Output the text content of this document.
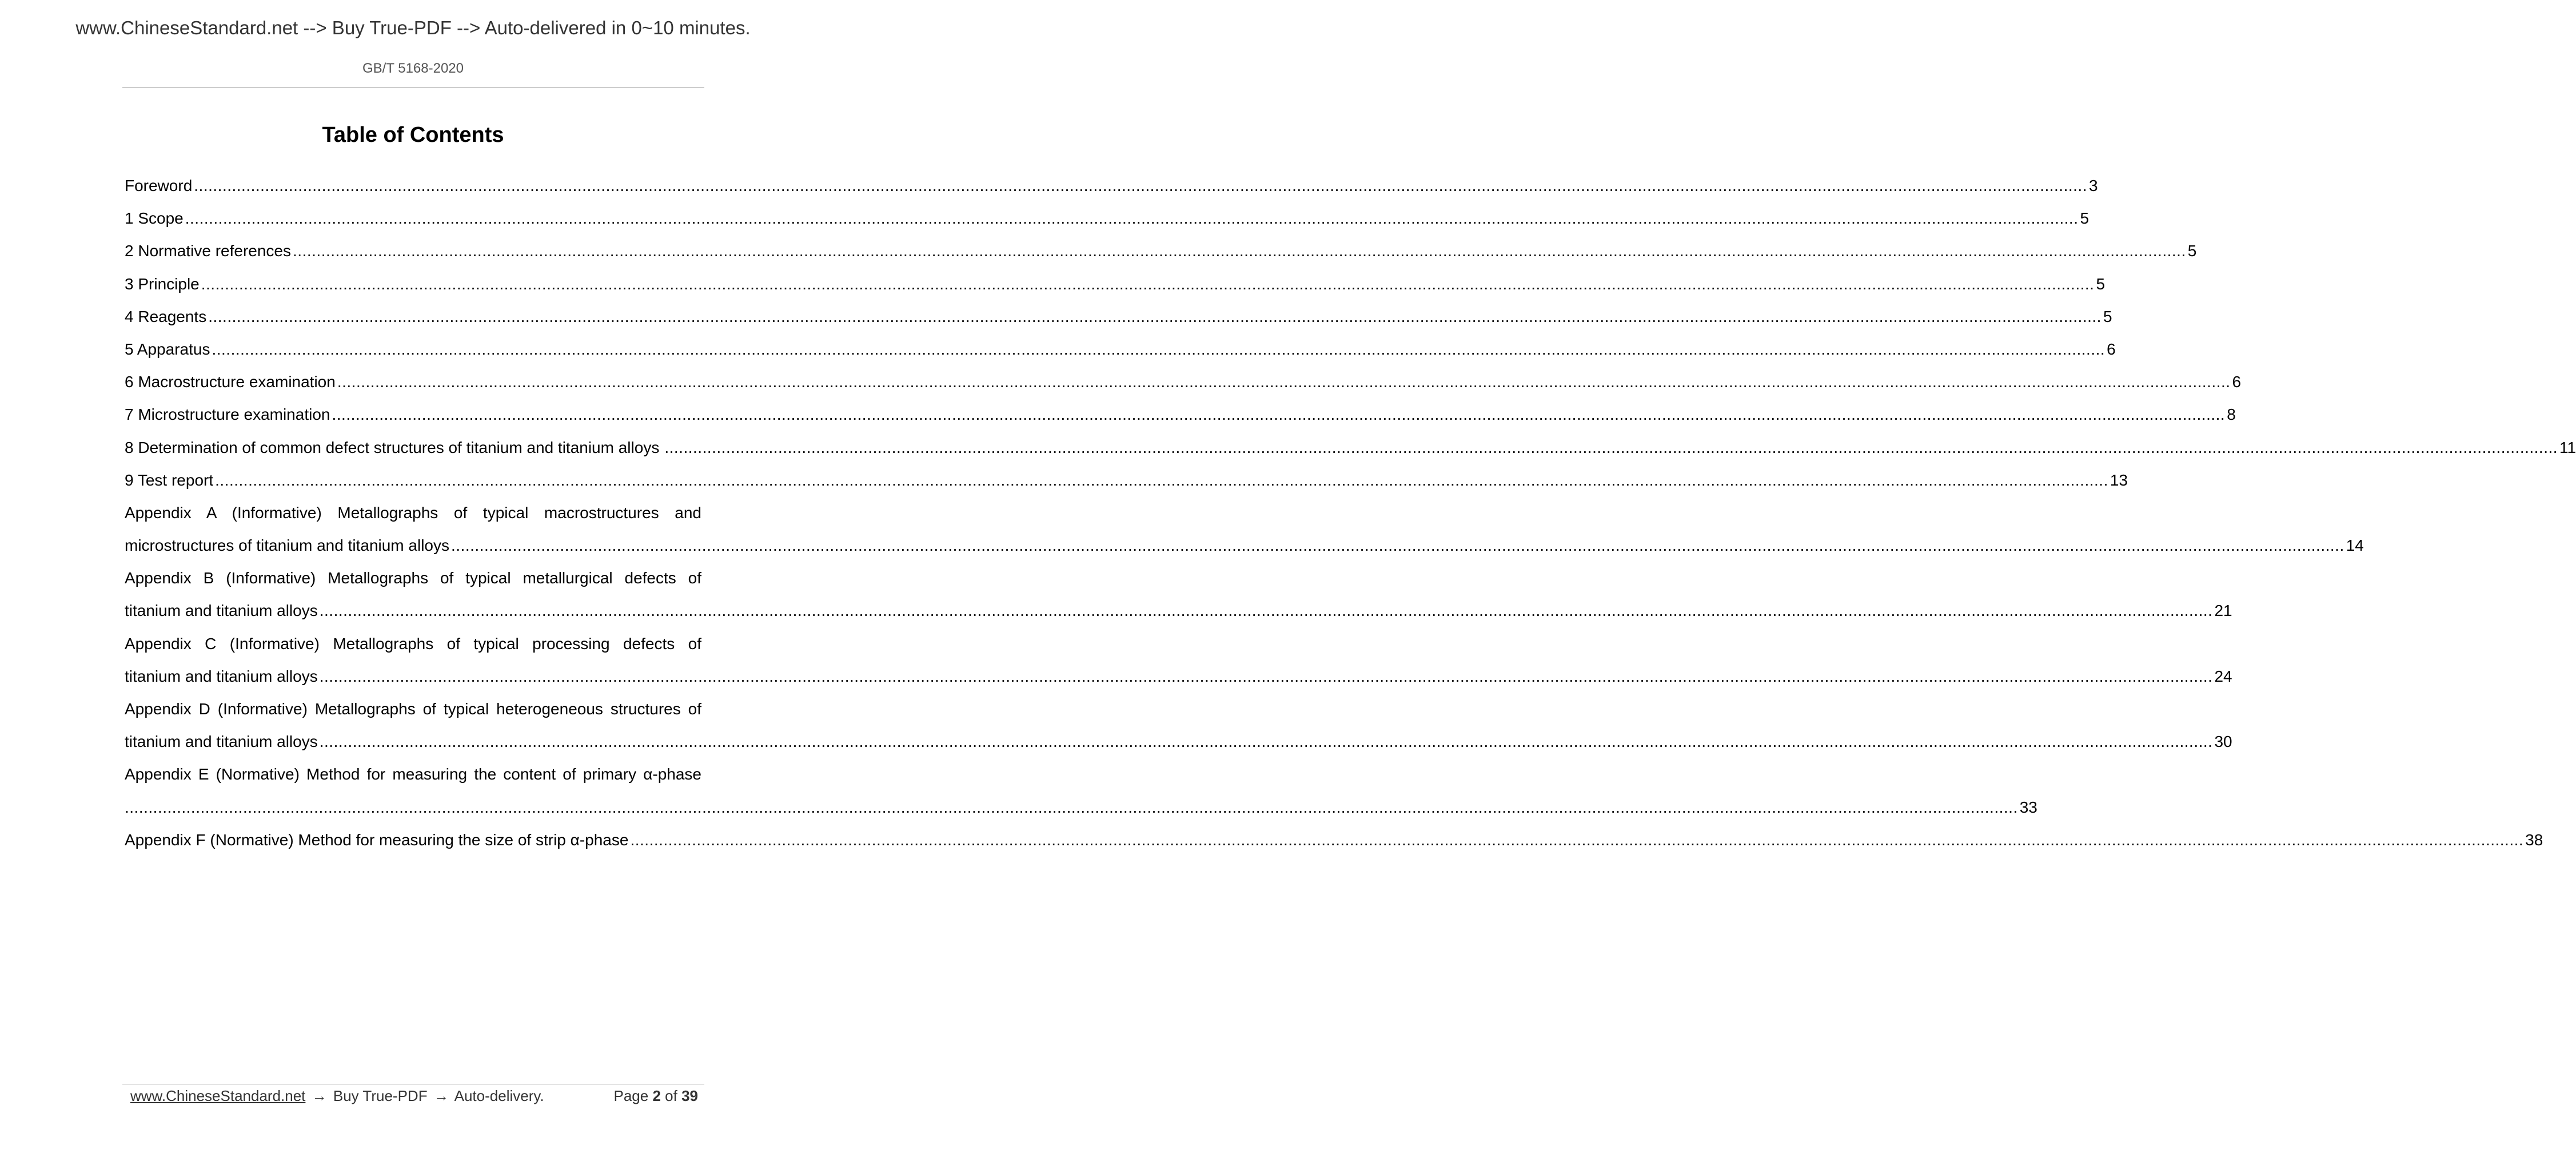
www.ChineseStandard.net --> Buy True-PDF --> Auto-delivered in 0~10 minutes.
GB/T 5168-2020
Table of Contents
Foreword ................................................................................................................................................................................................................................................................................................................................................................................................................ 3
1 Scope ................................................................................................................................................................................................................................................................................................................................................................................................................ 5
2 Normative references ................................................................................................................................................................................................................................................................................................................................................................................................................ 5
3 Principle ................................................................................................................................................................................................................................................................................................................................................................................................................ 5
4 Reagents ................................................................................................................................................................................................................................................................................................................................................................................................................ 5
5 Apparatus ................................................................................................................................................................................................................................................................................................................................................................................................................ 6
6 Macrostructure examination ................................................................................................................................................................................................................................................................................................................................................................................................................ 6
7 Microstructure examination ................................................................................................................................................................................................................................................................................................................................................................................................................ 8
8 Determination of common defect structures of titanium and titanium alloys ................................................................................................................................................................................................................................................................................................................................................................................................................ 11
9 Test report ................................................................................................................................................................................................................................................................................................................................................................................................................ 13
Appendix A (Informative) Metallographs of typical macrostructures and
microstructures of titanium and titanium alloys ................................................................................................................................................................................................................................................................................................................................................................................................................ 14
Appendix B (Informative) Metallographs of typical metallurgical defects of
titanium and titanium alloys ................................................................................................................................................................................................................................................................................................................................................................................................................ 21
Appendix C (Informative) Metallographs of typical processing defects of
titanium and titanium alloys ................................................................................................................................................................................................................................................................................................................................................................................................................ 24
Appendix D (Informative) Metallographs of typical heterogeneous structures of
titanium and titanium alloys ................................................................................................................................................................................................................................................................................................................................................................................................................ 30
Appendix E (Normative) Method for measuring the content of primary α-phase
................................................................................................................................................................................................................................................................................................................................................................................................................ 33
Appendix F (Normative) Method for measuring the size of strip α-phase ................................................................................................................................................................................................................................................................................................................................................................................................................ 38
www.ChineseStandard.net → Buy True-PDF → Auto-delivery.	Page 2 of 39
